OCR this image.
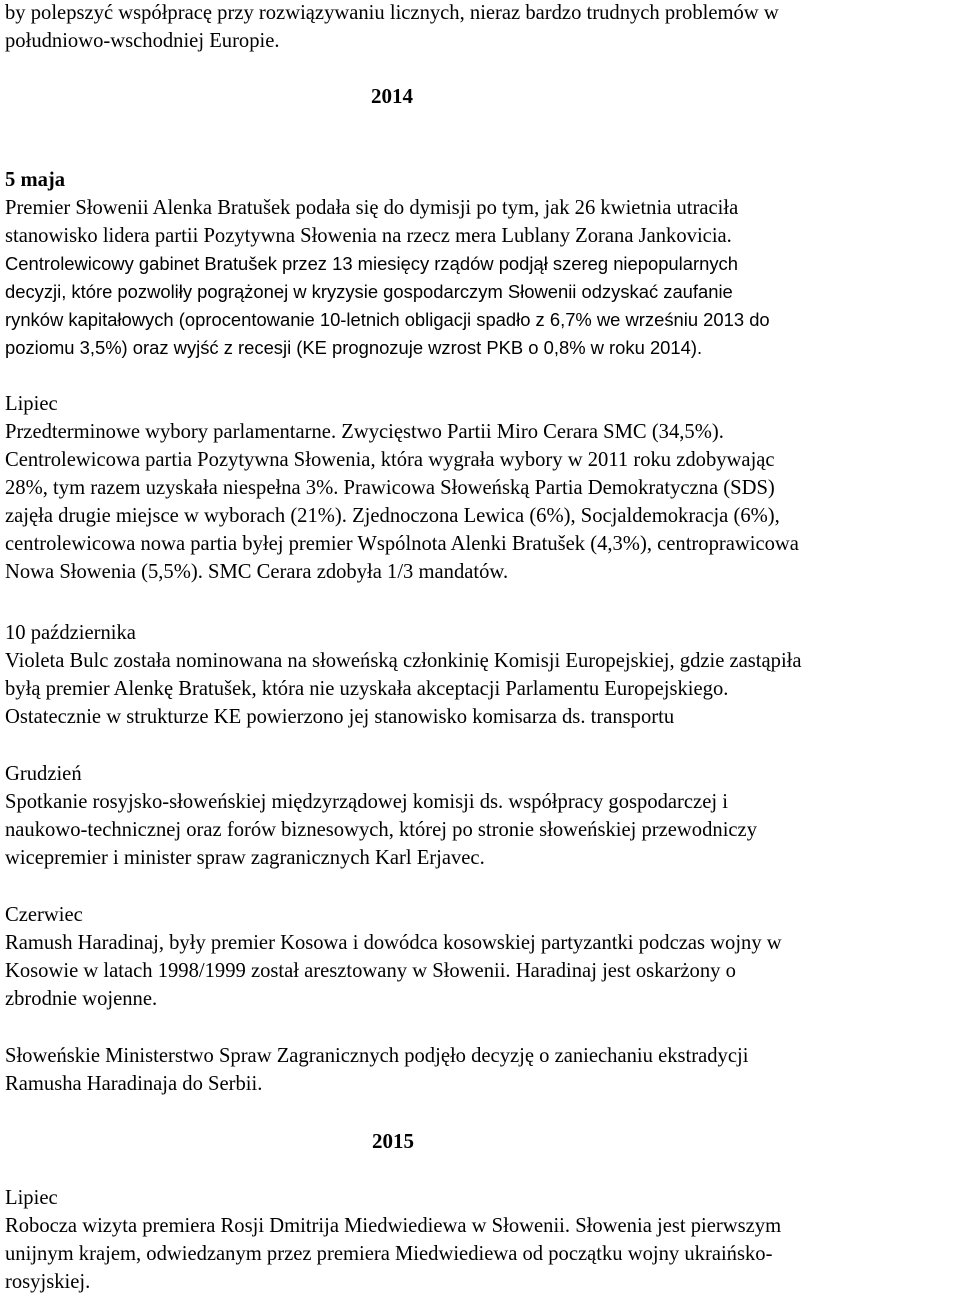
by polepszyć współpracę przy rozwiązywaniu licznych, nieraz bardzo trudnych problemów w
południowo-wschodniej Europie.
2014
5 maja
Premier Słowenii Alenka Bratušek podała się do dymisji po tym, jak 26 kwietnia utraciła
stanowisko lidera partii Pozytywna Słowenia na rzecz mera Lublany Zorana Jankovicia.
Centrolewicowy gabinet Bratušek przez 13 miesięcy rządów podjął szereg niepopularnych
decyzji, które pozwoliły pogrążonej w kryzysie gospodarczym Słowenii odzyskać zaufanie
rynków kapitałowych (oprocentowanie 10-letnich obligacji spadło z 6,7% we wrześniu 2013 do
poziomu 3,5%) oraz wyjść z recesji (KE prognozuje wzrost PKB o 0,8% w roku 2014).
Lipiec
Przedterminowe wybory parlamentarne. Zwycięstwo Partii Miro Cerara SMC (34,5%).
Centrolewicowa partia Pozytywna Słowenia, która wygrała wybory w 2011 roku zdobywając
28%, tym razem uzyskała niespełna 3%. Prawicowa Słoweńską Partia Demokratyczna (SDS)
zajęła drugie miejsce w wyborach (21%). Zjednoczona Lewica (6%), Socjaldemokracja (6%),
centrolewicowa nowa partia byłej premier Wspólnota Alenki Bratušek (4,3%), centroprawicowa
Nowa Słowenia (5,5%). SMC Cerara zdobyła 1/3 mandatów.
10 października
Violeta Bulc została nominowana na słoweńską członkinię Komisji Europejskiej, gdzie zastąpiła
byłą premier Alenkę Bratušek, która nie uzyskała akceptacji Parlamentu Europejskiego.
Ostatecznie w strukturze KE powierzono jej stanowisko komisarza ds. transportu
Grudzień
Spotkanie rosyjsko-słoweńskiej międzyrządowej komisji ds. współpracy gospodarczej i
naukowo-technicznej oraz forów biznesowych, której po stronie słoweńskiej przewodniczy
wicepremier i minister spraw zagranicznych Karl Erjavec.
Czerwiec
Ramush Haradinaj, były premier Kosowa i dowódca kosowskiej partyzantki podczas wojny w
Kosowie w latach 1998/1999 został aresztowany w Słowenii. Haradinaj jest oskarżony o
zbrodnie wojenne.
Słoweńskie Ministerstwo Spraw Zagranicznych podjęło decyzję o zaniechaniu ekstradycji
Ramusha Haradinaja do Serbii.
2015
Lipiec
Robocza wizyta premiera Rosji Dmitrija Miedwiediewa w Słowenii. Słowenia jest pierwszym
unijnym krajem, odwiedzanym przez premiera Miedwiediewa od początku wojny ukraińsko-
rosyjskiej.
